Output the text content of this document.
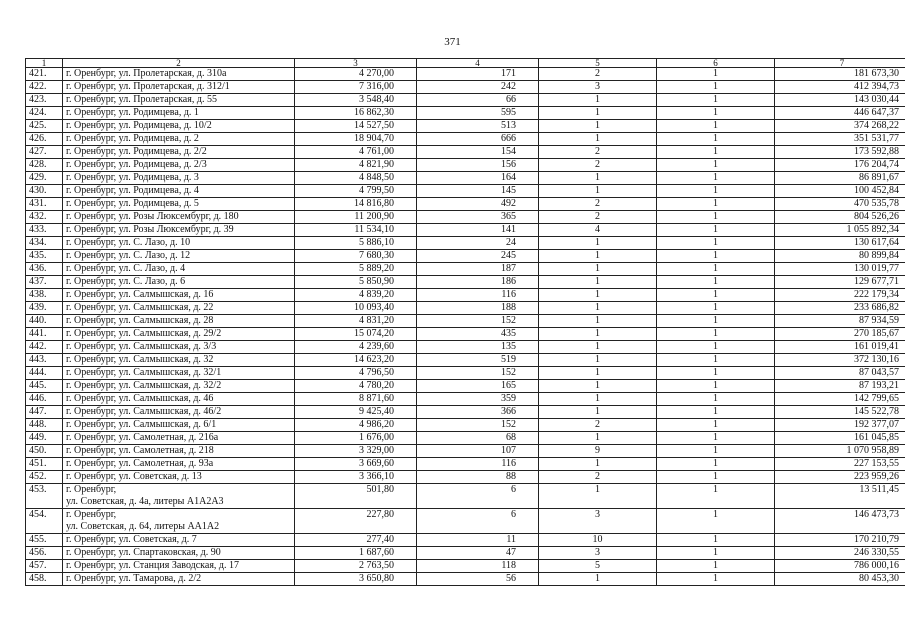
371
1	2	3	4	5	6	7
421.	г. Оренбург, ул. Пролетарская, д. 310а	4 270,00	171	2	1	181 673,30
422.	г. Оренбург, ул. Пролетарская, д. 312/1	7 316,00	242	3	1	412 394,73
423.	г. Оренбург, ул. Пролетарская, д. 55	3 548,40	66	1	1	143 030,44
424.	г. Оренбург, ул. Родимцева, д. 1	16 862,30	595	1	1	446 647,37
425.	г. Оренбург, ул. Родимцева, д. 10/2	14 527,50	513	1	1	374 268,22
426.	г. Оренбург, ул. Родимцева, д. 2	18 904,70	666	1	1	351 531,77
427.	г. Оренбург, ул. Родимцева, д. 2/2	4 761,00	154	2	1	173 592,88
428.	г. Оренбург, ул. Родимцева, д. 2/3	4 821,90	156	2	1	176 204,74
429.	г. Оренбург, ул. Родимцева, д. 3	4 848,50	164	1	1	86 891,67
430.	г. Оренбург, ул. Родимцева, д. 4	4 799,50	145	1	1	100 452,84
431.	г. Оренбург, ул. Родимцева, д. 5	14 816,80	492	2	1	470 535,78
432.	г. Оренбург, ул. Розы Люксембург, д. 180	11 200,90	365	2	1	804 526,26
433.	г. Оренбург, ул. Розы Люксембург, д. 39	11 534,10	141	4	1	1 055 892,34
434.	г. Оренбург, ул. С. Лазо, д. 10	5 886,10	24	1	1	130 617,64
435.	г. Оренбург, ул. С. Лазо, д. 12	7 680,30	245	1	1	80 899,84
436.	г. Оренбург, ул. С. Лазо, д. 4	5 889,20	187	1	1	130 019,77
437.	г. Оренбург, ул. С. Лазо, д. 6	5 850,90	186	1	1	129 677,71
438.	г. Оренбург, ул. Салмышская, д. 16	4 839,20	116	1	1	222 179,34
439.	г. Оренбург, ул. Салмышская, д. 22	10 093,40	188	1	1	233 686,82
440.	г. Оренбург, ул. Салмышская, д. 28	4 831,20	152	1	1	87 934,59
441.	г. Оренбург, ул. Салмышская, д. 29/2	15 074,20	435	1	1	270 185,67
442.	г. Оренбург, ул. Салмышская, д. 3/3	4 239,60	135	1	1	161 019,41
443.	г. Оренбург, ул. Салмышская, д. 32	14 623,20	519	1	1	372 130,16
444.	г. Оренбург, ул. Салмышская, д. 32/1	4 796,50	152	1	1	87 043,57
445.	г. Оренбург, ул. Салмышская, д. 32/2	4 780,20	165	1	1	87 193,21
446.	г. Оренбург, ул. Салмышская, д. 46	8 871,60	359	1	1	142 799,65
447.	г. Оренбург, ул. Салмышская, д. 46/2	9 425,40	366	1	1	145 522,78
448.	г. Оренбург, ул. Салмышская, д. 6/1	4 986,20	152	2	1	192 377,07
449.	г. Оренбург, ул. Самолетная, д. 216а	1 676,00	68	1	1	161 045,85
450.	г. Оренбург, ул. Самолетная, д. 218	3 329,00	107	9	1	1 070 958,89
451.	г. Оренбург, ул. Самолетная, д. 93а	3 669,60	116	1	1	227 153,55
452.	г. Оренбург, ул. Советская, д. 13	3 366,10	88	2	1	223 959,26
453.	г. Оренбург,
ул. Советская, д. 4а, литеры А1А2А3	501,80	6	1	1	13 511,45
454.	г. Оренбург,
ул. Советская, д. 64, литеры АА1А2	227,80	6	3	1	146 473,73
455.	г. Оренбург, ул. Советская, д. 7	277,40	11	10	1	170 210,79
456.	г. Оренбург, ул. Спартаковская, д. 90	1 687,60	47	3	1	246 330,55
457.	г. Оренбург, ул. Станция Заводская, д. 17	2 763,50	118	5	1	786 000,16
458.	г. Оренбург, ул. Тамарова, д. 2/2	3 650,80	56	1	1	80 453,30
